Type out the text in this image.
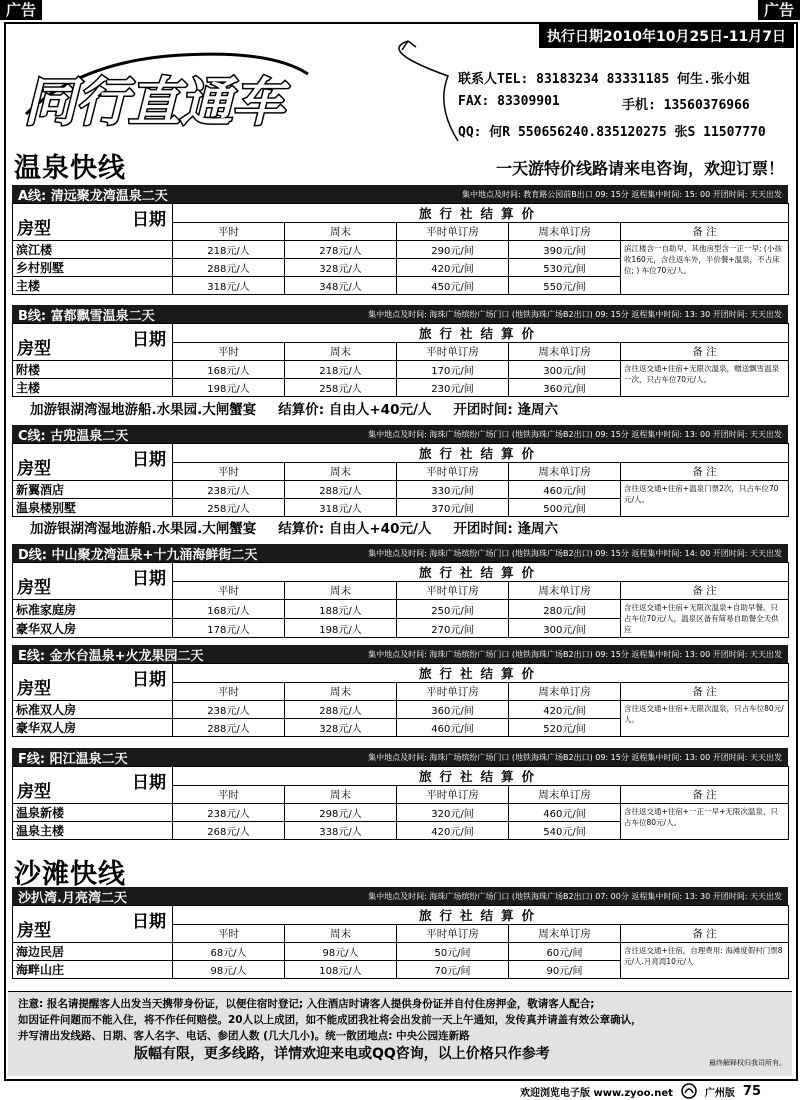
广告	广告
执行日期2010年10月25日-11月7日
同行直通车	联系人TEL: 83183234 83331185 何生.张小姐
FAX: 83309901	手机: 13560376966
QQ: 何R 550656240.835120275 张S 11507770
温泉快线	一天游特价线路请来电咨询，欢迎订票！
A线: 清远聚龙湾温泉二天	集中地点及时间: 教育路公园前B出口 09: 15分 返程集中时间: 15: 00 开团时间: 天天出发
日期
房型	旅行社结算价				
	平时	周末	平时单订房	周末单订房	备 注
滨江楼	218元/人	278元/人	290元/间	390元/间	滨江楼含一自助早，其他房型含一正一早; (小孩收160元，含往返车外，半价餐+温泉，不占床位; ) 车位70元/人。
乡村别墅	288元/人	328元/人	420元/间	530元/间	
主楼	318元/人	348元/人	450元/间	550元/间	
B线: 富都飘雪温泉二天	集中地点及时间: 海珠广场缤纷广场门口 (地铁海珠广场B2出口) 09: 15分 返程集中时间: 13: 30 开团时间: 天天出发
日期
房型	旅行社结算价				
	平时	周末	平时单订房	周末单订房	备 注
附楼	168元/人	218元/人	170元/间	300元/间	含往返交通+住宿+无限次温泉，赠送飘雪温泉一次，只占车位70元/人。
主楼	198元/人	258元/人	230元/间	360元/间	
加游银湖湾湿地游船.水果园.大闸蟹宴 结算价: 自由人+40元/人 开团时间: 逢周六
C线: 古兜温泉二天	集中地点及时间: 海珠广场缤纷广场门口 (地铁海珠广场B2出口) 09: 15分 返程集中时间: 13: 00 开团时间: 天天出发
日期
房型	旅行社结算价				
	平时	周末	平时单订房	周末单订房	备 注
新翼酒店	238元/人	288元/人	330元/间	460元/间	含往返交通+住宿+温泉门票2次，只占车位70元/人。
温泉楼别墅	258元/人	318元/人	370元/间	500元/间	
加游银湖湾湿地游船.水果园.大闸蟹宴 结算价: 自由人+40元/人 开团时间: 逢周六
D线: 中山聚龙湾温泉+十九涌海鲜街二天	集中地点及时间: 海珠广场缤纷广场门口 (地铁海珠广场B2出口) 09: 15分 返程集中时间: 14: 00 开团时间: 天天出发
日期
房型	旅行社结算价				
	平时	周末	平时单订房	周末单订房	备 注
标准家庭房	168元/人	188元/人	250元/间	280元/间	含往返交通+住宿+无限次温泉+自助早餐，只占车位70元/人，温泉区备有简易自助餐全天供应
豪华双人房	178元/人	198元/人	270元/间	300元/间	
E线: 金水台温泉+火龙果园二天	集中地点及时间: 海珠广场缤纷广场门口 (地铁海珠广场B2出口) 09: 15分 返程集中时间: 13: 00 开团时间: 天天出发
日期
房型	旅行社结算价				
	平时	周末	平时单订房	周末单订房	备 注
标准双人房	238元/人	288元/人	360元/间	420元/间	含往返交通+住宿+无限次温泉，只占车位80元/人。
豪华双人房	288元/人	328元/人	460元/间	520元/间	
F线: 阳江温泉二天	集中地点及时间: 海珠广场缤纷广场门口 (地铁海珠广场B2出口) 09: 15分 返程集中时间: 13: 00 开团时间: 天天出发
日期
房型	旅行社结算价				
	平时	周末	平时单订房	周末单订房	备 注
温泉新楼	238元/人	298元/人	320元/间	460元/间	含往返交通+住宿+一正一早+无限次温泉，只占车位80元/人。
温泉主楼	268元/人	338元/人	420元/间	540元/间	
沙扒湾.月亮湾二天	集中地点及时间: 海珠广场缤纷广场门口 (地铁海珠广场B2出口) 07: 00分 返程集中时间: 13: 30 开团时间: 天天出发
日期
房型	旅行社结算价				
	平时	周末	平时单订房	周末单订房	备 注
海边民居	68元/人	98元/人	50元/间	60元/间	含往返交通+住宿，自理费用: 海滩度假村门票8元/人.月亮湾10元/人
海畔山庄	98元/人	108元/人	70元/间	90元/间	
沙滩快线

注意: 报名请提醒客人出发当天携带身份证，以便住宿时登记; 入住酒店时请客人提供身份证并自付住房押金，敬请客人配合;

如因证件问题而不能入住，将不作任何赔偿。20人以上成团，如不能成团我社将会出发前一天上午通知，发传真并请盖有效公章确认，

并写清出发线路、日期、客人名字、电话、参团人数 (几大几小)。统一散团地点: 中央公园连新路

版幅有限，更多线路，详情欢迎来电或QQ咨询，以上价格只作参考

最终解释权归我司所有。
欢迎浏览电子版 www.zyoo.net	广州版 75
